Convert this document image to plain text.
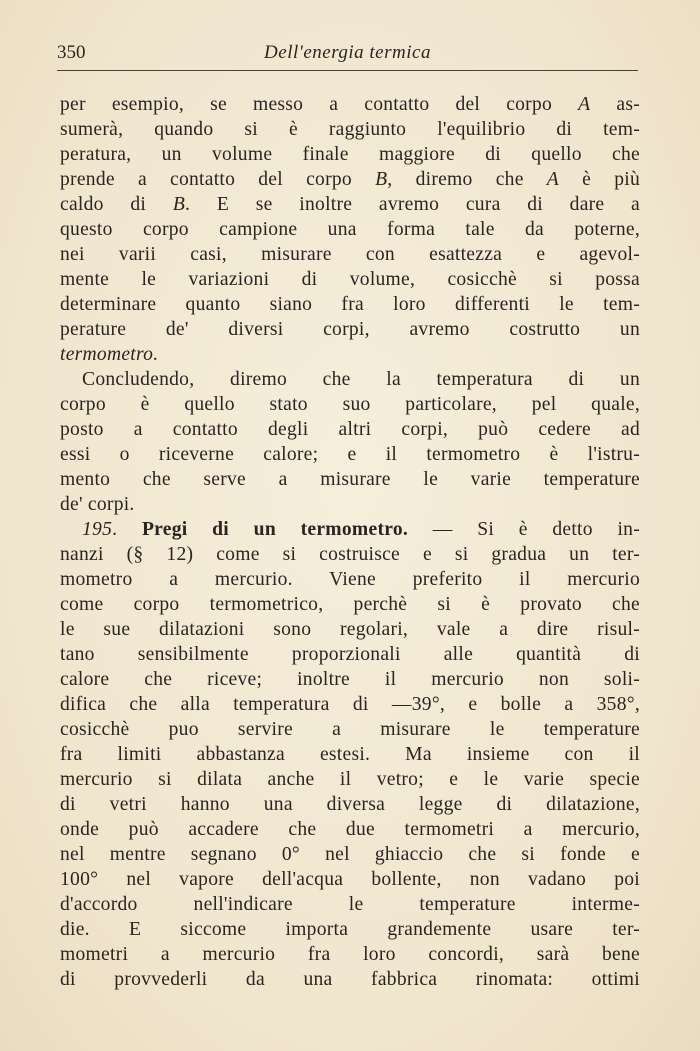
350	Dell'energia termica
per esempio, se messo a contatto del corpo A as-
sumerà, quando si è raggiunto l'equilibrio di tem-
peratura, un volume finale maggiore di quello che
prende a contatto del corpo B, diremo che A è più
caldo di B. E se inoltre avremo cura di dare a
questo corpo campione una forma tale da poterne,
nei varii casi, misurare con esattezza e agevol-
mente le variazioni di volume, cosicchè si possa
determinare quanto siano fra loro differenti le tem-
perature de' diversi corpi, avremo costrutto un
termometro.
Concludendo, diremo che la temperatura di un
corpo è quello stato suo particolare, pel quale,
posto a contatto degli altri corpi, può cedere ad
essi o riceverne calore; e il termometro è l'istru-
mento che serve a misurare le varie temperature
de' corpi.
195. Pregi di un termometro. — Si è detto in-
nanzi (§ 12) come si costruisce e si gradua un ter-
mometro a mercurio. Viene preferito il mercurio
come corpo termometrico, perchè si è provato che
le sue dilatazioni sono regolari, vale a dire risul-
tano sensibilmente proporzionali alle quantità di
calore che riceve; inoltre il mercurio non soli-
difica che alla temperatura di —39°, e bolle a 358°,
cosicchè puo servire a misurare le temperature
fra limiti abbastanza estesi. Ma insieme con il
mercurio si dilata anche il vetro; e le varie specie
di vetri hanno una diversa legge di dilatazione,
onde può accadere che due termometri a mercurio,
nel mentre segnano 0° nel ghiaccio che si fonde e
100° nel vapore dell'acqua bollente, non vadano poi
d'accordo nell'indicare le temperature interme-
die. E siccome importa grandemente usare ter-
mometri a mercurio fra loro concordi, sarà bene
di provvederli da una fabbrica rinomata: ottimi
